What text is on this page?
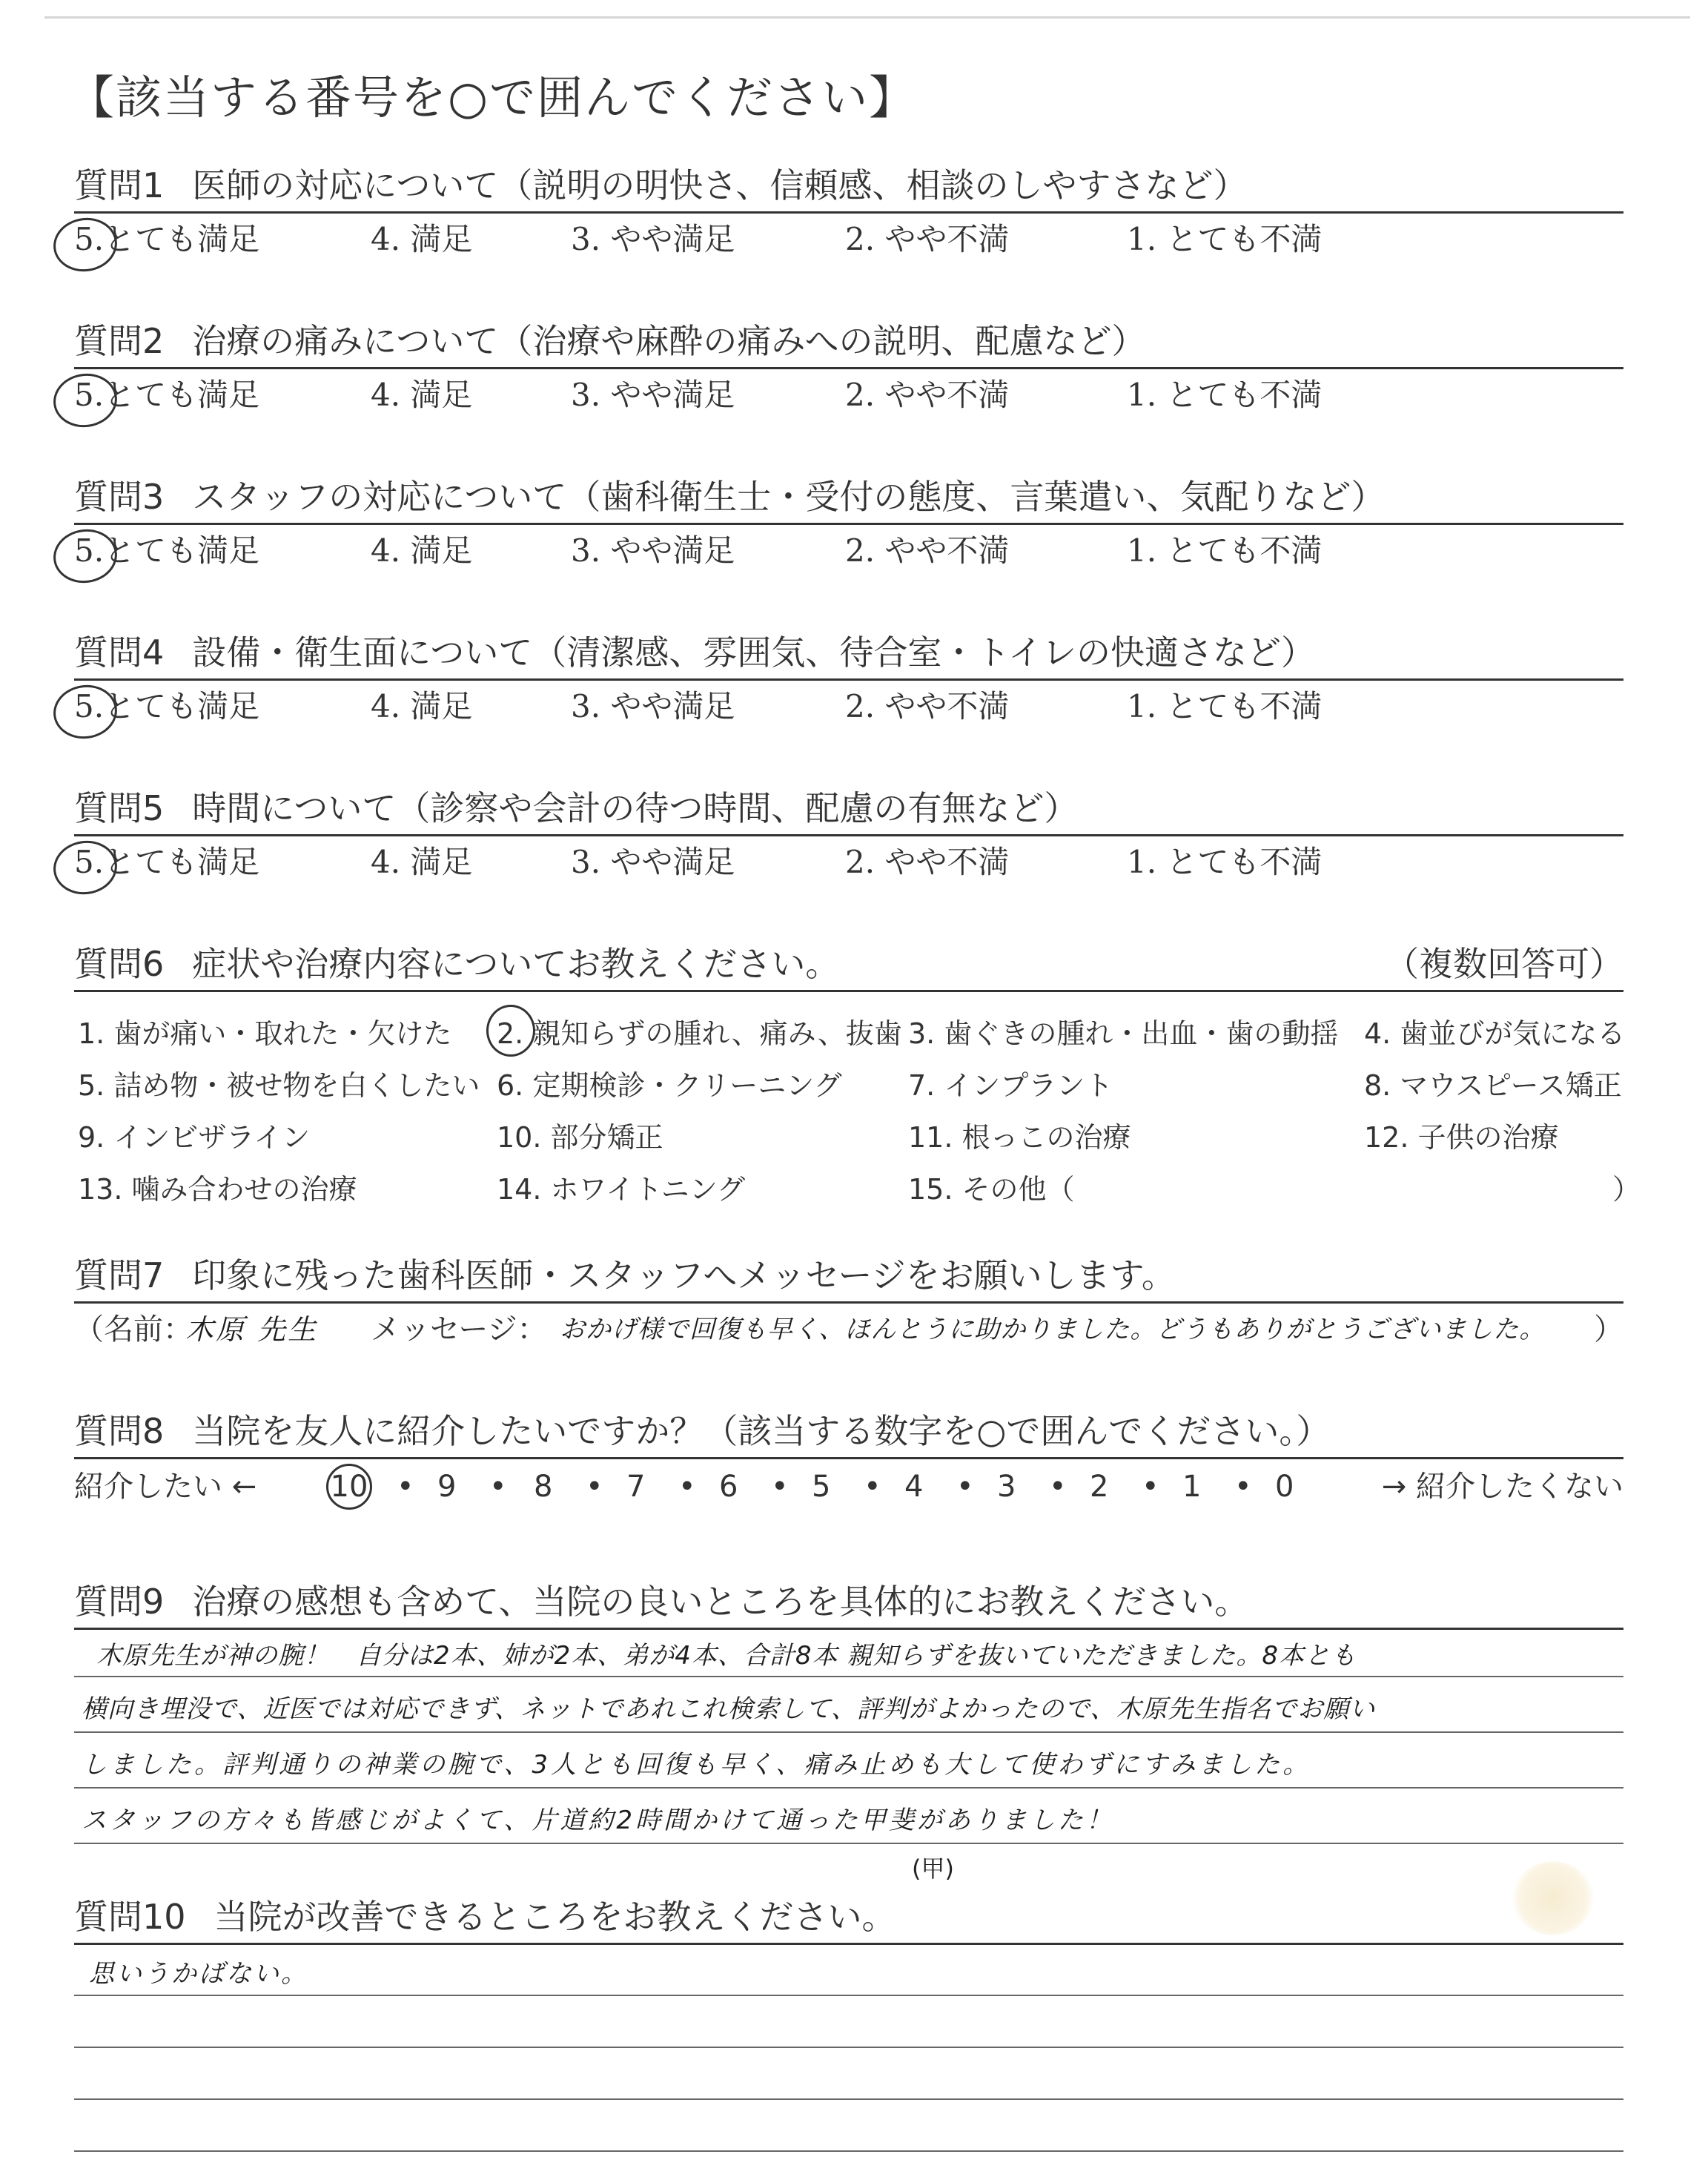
【該当する番号を○で囲んでください】
質問1 医師の対応について（説明の明快さ、信頼感、相談のしやすさなど）
5.とても満足	4. 満足	3. やや満足	2. やや不満	1. とても不満
質問2 治療の痛みについて（治療や麻酔の痛みへの説明、配慮など）
5.とても満足	4. 満足	3. やや満足	2. やや不満	1. とても不満
質問3 スタッフの対応について（歯科衛生士・受付の態度、言葉遣い、気配りなど）
5.とても満足	4. 満足	3. やや満足	2. やや不満	1. とても不満
質問4 設備・衛生面について（清潔感、雰囲気、待合室・トイレの快適さなど）
5.とても満足	4. 満足	3. やや満足	2. やや不満	1. とても不満
質問5 時間について（診察や会計の待つ時間、配慮の有無など）
5.とても満足	4. 満足	3. やや満足	2. やや不満	1. とても不満
質問6 症状や治療内容についてお教えください。	（複数回答可）
1. 歯が痛い・取れた・欠けた 2. 親知らずの腫れ、痛み、抜歯 3. 歯ぐきの腫れ・出血・歯の動揺 4. 歯並びが気になる
5. 詰め物・被せ物を白くしたい 6. 定期検診・クリーニング 7. インプラント	8. マウスピース矯正
9. インビザライン	10. 部分矯正	11. 根っこの治療	12. 子供の治療
13. 噛み合わせの治療	14. ホワイトニング	15. その他（	）
質問7 印象に残った歯科医師・スタッフへメッセージをお願いします。
（名前：
木原 先生 メッセージ： おかげ様で回復も早く、ほんとうに助かりました。どうもありがとうございました。 ）
質問8 当院を友人に紹介したいですか？（該当する数字を○で囲んでください。）
紹介したい ← 10 • 9 • 8 • 7 • 6 • 5 • 4 • 3 • 2 • 1 • 0	→ 紹介したくない
質問9 治療の感想も含めて、当院の良いところを具体的にお教えください。
木原先生が神の腕！　自分は2本、姉が2本、弟が4本、合計8本 親知らずを抜いていただきました。8本とも
横向き埋没で、近医では対応できず、ネットであれこれ検索して、評判がよかったので、木原先生指名でお願い
しました。評判通りの神業の腕で、3人とも回復も早く、痛み止めも大して使わずにすみました。
スタッフの方々も皆感じがよくて、片道約2時間かけて通った甲斐がありました！
(甲)
質問10 当院が改善できるところをお教えください。
思いうかばない。
